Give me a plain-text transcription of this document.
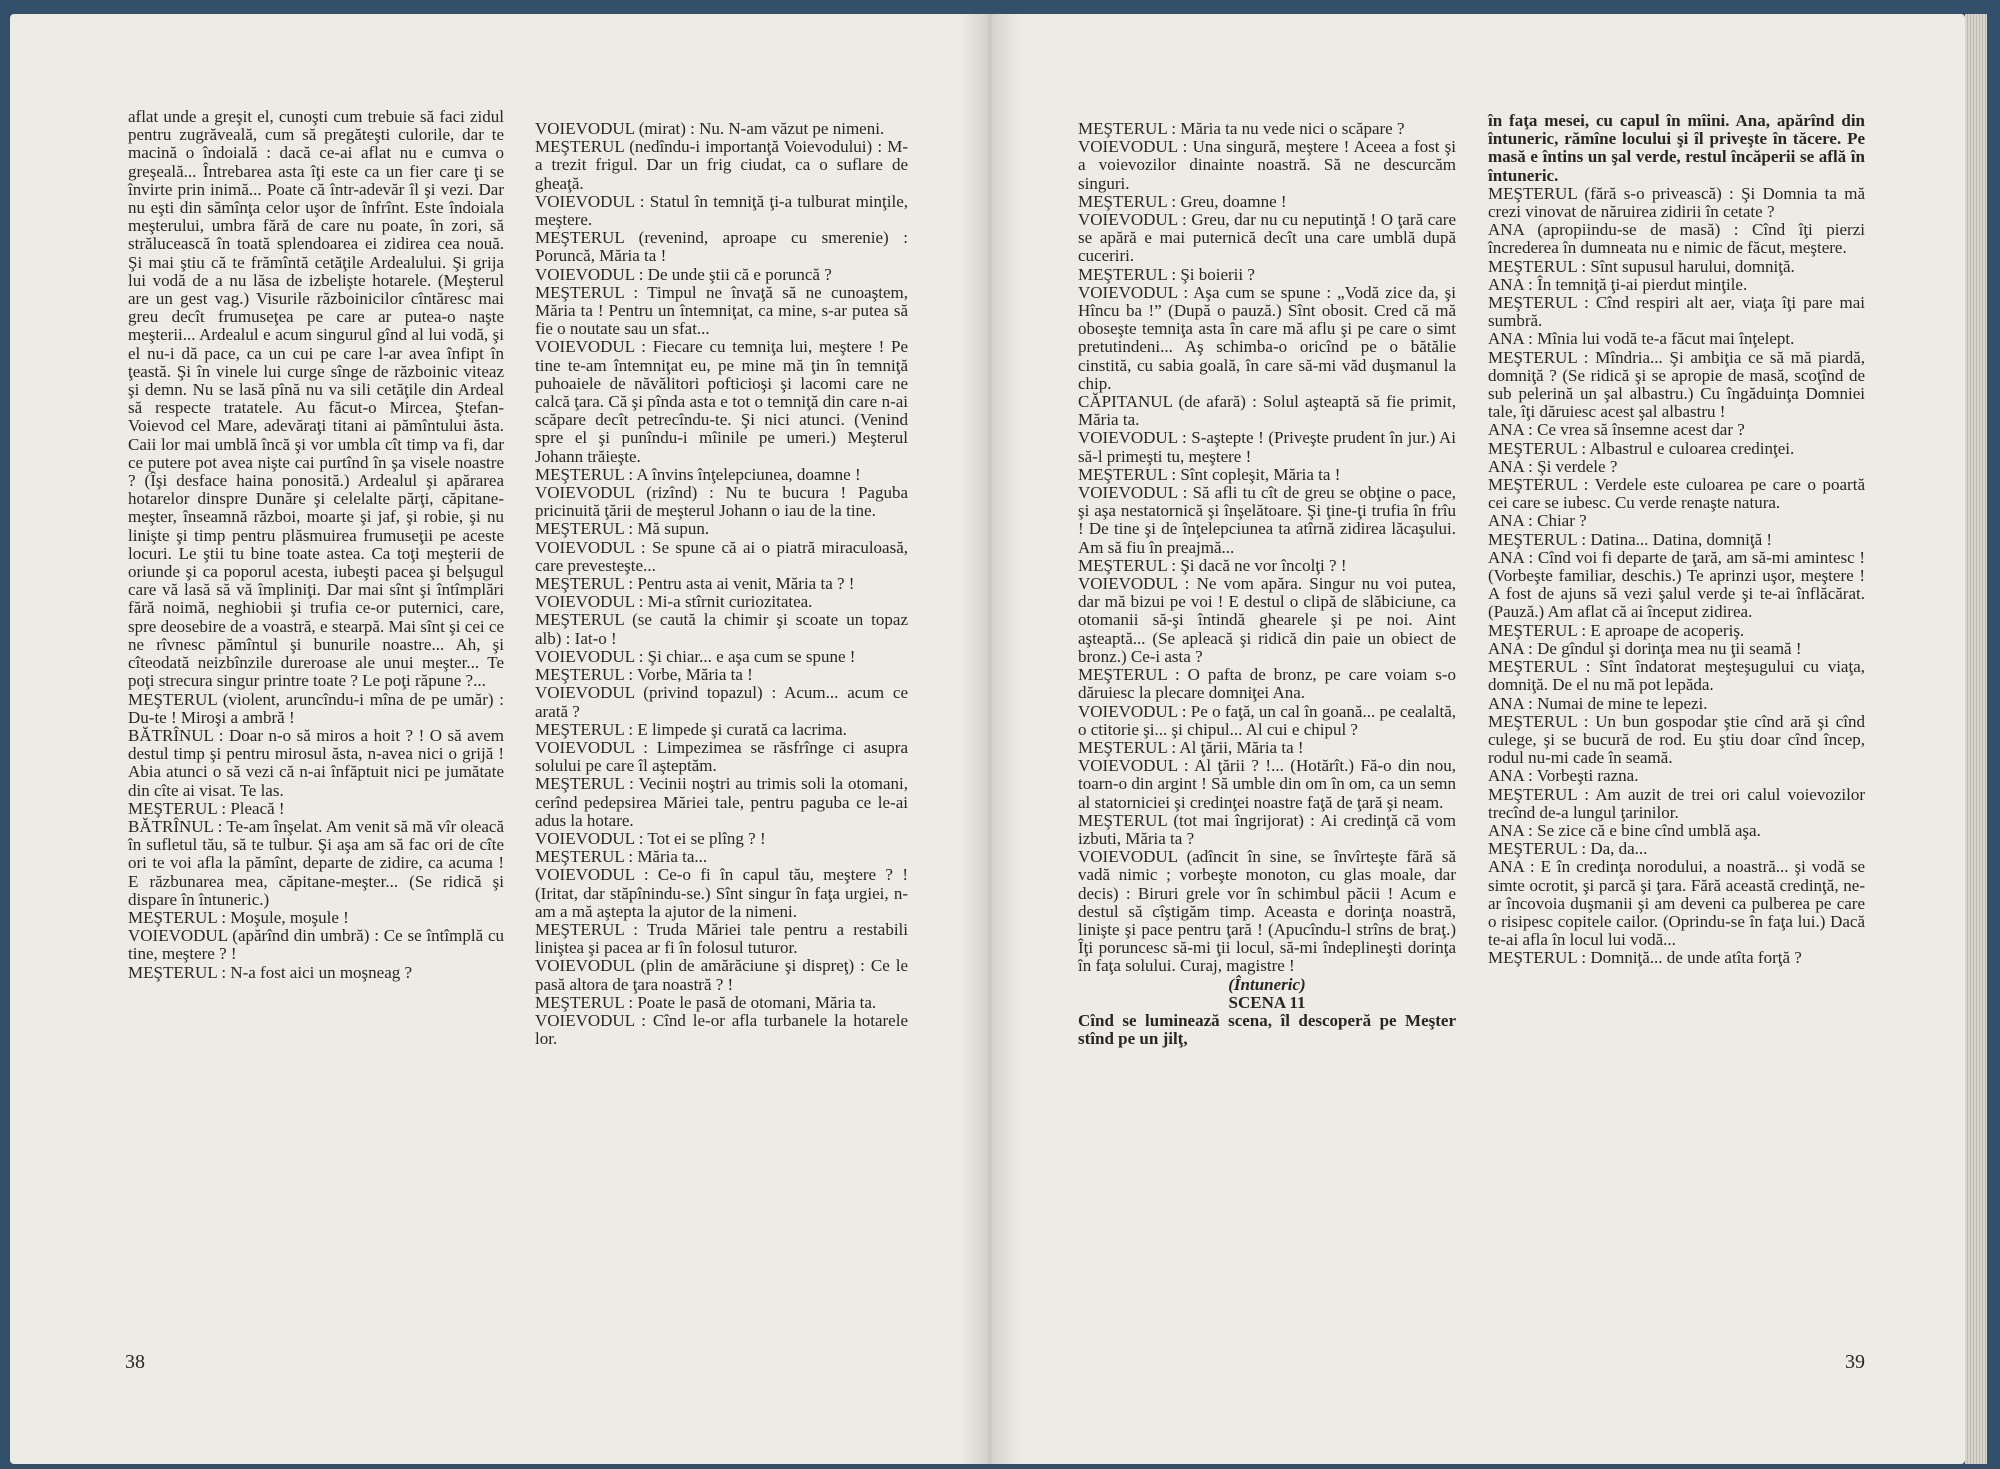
aflat unde a greşit el, cunoşti cum trebuie să faci zidul pentru zugrăveală, cum să pregăteşti culorile, dar te macină o îndoială : dacă ce-ai aflat nu e cumva o greşeală... Întrebarea asta îţi este ca un fier care ţi se învirte prin inimă... Poate că într-adevăr îl şi vezi. Dar nu eşti din sămînţa celor uşor de înfrînt. Este îndoiala meşterului, umbra fără de care nu poate, în zori, să strălucească în toată splendoarea ei zidirea cea nouă. Şi mai ştiu că te frămîntă cetăţile Ardealului. Şi grija lui vodă de a nu lăsa de izbelişte hotarele. (Meşterul are un gest vag.) Visurile războinicilor cîntăresc mai greu decît frumuseţea pe care ar putea-o naşte meşterii... Ardealul e acum singurul gînd al lui vodă, şi el nu-i dă pace, ca un cui pe care l-ar avea înfipt în ţeastă. Şi în vinele lui curge sînge de războinic viteaz şi demn. Nu se lasă pînă nu va sili cetăţile din Ardeal să respecte tratatele. Au făcut-o Mircea, Ştefan-Voievod cel Mare, adevăraţi titani ai pămîntului ăsta. Caii lor mai umblă încă şi vor umbla cît timp va fi, dar ce putere pot avea nişte cai purtînd în şa visele noastre ? (Îşi desface haina ponosită.) Ardealul şi apărarea hotarelor dinspre Dunăre şi celelalte părţi, căpitane-meşter, înseamnă război, moarte şi jaf, şi robie, şi nu linişte şi timp pentru plăsmuirea frumuseţii pe aceste locuri. Le ştii tu bine toate astea. Ca toţi meşterii de oriunde şi ca poporul acesta, iubeşti pacea şi belşugul care vă lasă să vă împliniţi. Dar mai sînt şi întîmplări fără noimă, neghiobii şi trufia ce-or puternici, care, spre deosebire de a voastră, e stearpă. Mai sînt şi cei ce ne rîvnesc pămîntul şi bunurile noastre... Ah, şi cîteodată neizbînzile dureroase ale unui meşter... Te poţi strecura singur printre toate ? Le poţi răpune ?...

MEŞTERUL (violent, aruncîndu-i mîna de pe umăr) : Du-te ! Miroşi a ambră !

BĂTRÎNUL : Doar n-o să miros a hoit ? ! O să avem destul timp şi pentru mirosul ăsta, n-avea nici o grijă ! Abia atunci o să vezi că n-ai înfăptuit nici pe jumătate din cîte ai visat. Te las.

MEŞTERUL : Pleacă !

BĂTRÎNUL : Te-am înşelat. Am venit să mă vîr oleacă în sufletul tău, să te tulbur. Şi aşa am să fac ori de cîte ori te voi afla la pămînt, departe de zidire, ca acuma ! E răzbunarea mea, căpitane-meşter... (Se ridică şi dispare în întuneric.)

MEŞTERUL : Moşule, moşule !

VOIEVODUL (apărînd din umbră) : Ce se întîmplă cu tine, meştere ? !

MEŞTERUL : N-a fost aici un moşneag ?

VOIEVODUL (mirat) : Nu. N-am văzut pe nimeni.

MEŞTERUL (nedîndu-i importanţă Voievodului) : M-a trezit frigul. Dar un frig ciudat, ca o suflare de gheaţă.

VOIEVODUL : Statul în temniţă ţi-a tulburat minţile, meştere.

MEŞTERUL (revenind, aproape cu smerenie) : Poruncă, Măria ta !

VOIEVODUL : De unde ştii că e poruncă ?

MEŞTERUL : Timpul ne învaţă să ne cunoaştem, Măria ta ! Pentru un întemniţat, ca mine, s-ar putea să fie o noutate sau un sfat...

VOIEVODUL : Fiecare cu temniţa lui, meştere ! Pe tine te-am întemniţat eu, pe mine mă ţin în temniţă puhoaiele de năvălitori pofticioşi şi lacomi care ne calcă ţara. Că şi pînda asta e tot o temniţă din care n-ai scăpare decît petrecîndu-te. Şi nici atunci. (Venind spre el şi punîndu-i mîinile pe umeri.) Meşterul Johann trăieşte.

MEŞTERUL : A învins înţelepciunea, doamne !

VOIEVODUL (rizînd) : Nu te bucura ! Paguba pricinuită ţării de meşterul Johann o iau de la tine.

MEŞTERUL : Mă supun.

VOIEVODUL : Se spune că ai o piatră miraculoasă, care prevesteşte...

MEŞTERUL : Pentru asta ai venit, Măria ta ? !

VOIEVODUL : Mi-a stîrnit curiozitatea.

MEŞTERUL (se caută la chimir şi scoate un topaz alb) : Iat-o !

VOIEVODUL : Şi chiar... e aşa cum se spune !

MEŞTERUL : Vorbe, Măria ta !

VOIEVODUL (privind topazul) : Acum... acum ce arată ?

MEŞTERUL : E limpede şi curată ca lacrima.

VOIEVODUL : Limpezimea se răsfrînge ci asupra solului pe care îl aşteptăm.

MEŞTERUL : Vecinii noştri au trimis soli la otomani, cerînd pedepsirea Măriei tale, pentru paguba ce le-ai adus la hotare.

VOIEVODUL : Tot ei se plîng ? !

MEŞTERUL : Măria ta...

VOIEVODUL : Ce-o fi în capul tău, meştere ? ! (Iritat, dar stăpînindu-se.) Sînt singur în faţa urgiei, n-am a mă aştepta la ajutor de la nimeni.

MEŞTERUL : Truda Măriei tale pentru a restabili liniştea şi pacea ar fi în folosul tuturor.

VOIEVODUL (plin de amărăciune şi dispreţ) : Ce le pasă altora de ţara noastră ? !

MEŞTERUL : Poate le pasă de otomani, Măria ta.

VOIEVODUL : Cînd le-or afla turbanele la hotarele lor.

38

MEŞTERUL : Măria ta nu vede nici o scăpare ?

VOIEVODUL : Una singură, meştere ! Aceea a fost şi a voievozilor dinainte noastră. Să ne descurcăm singuri.

MEŞTERUL : Greu, doamne !

VOIEVODUL : Greu, dar nu cu neputinţă ! O ţară care se apără e mai puternică decît una care umblă după cuceriri.

MEŞTERUL : Şi boierii ?

VOIEVODUL : Aşa cum se spune : „Vodă zice da, şi Hîncu ba !” (După o pauză.) Sînt obosit. Cred că mă oboseşte temniţa asta în care mă aflu şi pe care o simt pretutindeni... Aş schimba-o oricînd pe o bătălie cinstită, cu sabia goală, în care să-mi văd duşmanul la chip.

CĂPITANUL (de afară) : Solul aşteaptă să fie primit, Măria ta.

VOIEVODUL : S-aştepte ! (Priveşte prudent în jur.) Ai să-l primeşti tu, meştere !

MEŞTERUL : Sînt copleşit, Măria ta !

VOIEVODUL : Să afli tu cît de greu se obţine o pace, şi aşa nestatornică şi înşelătoare. Şi ţine-ţi trufia în frîu ! De tine şi de înţelepciunea ta atîrnă zidirea lăcaşului. Am să fiu în preajmă...

MEŞTERUL : Şi dacă ne vor încolţi ? !

VOIEVODUL : Ne vom apăra. Singur nu voi putea, dar mă bizui pe voi ! E destul o clipă de slăbiciune, ca otomanii să-şi întindă ghearele şi pe noi. Aint aşteaptă... (Se apleacă şi ridică din paie un obiect de bronz.) Ce-i asta ?

MEŞTERUL : O pafta de bronz, pe care voiam s-o dăruiesc la plecare domniţei Ana.

VOIEVODUL : Pe o faţă, un cal în goană... pe cealaltă, o ctitorie şi... şi chipul... Al cui e chipul ?

MEŞTERUL : Al ţării, Măria ta !

VOIEVODUL : Al ţării ? !... (Hotărît.) Fă-o din nou, toarn-o din argint ! Să umble din om în om, ca un semn al statorniciei şi credinţei noastre faţă de ţară şi neam.

MEŞTERUL (tot mai îngrijorat) : Ai credinţă că vom izbuti, Măria ta ?

VOIEVODUL (adîncit în sine, se învîrteşte fără să vadă nimic ; vorbeşte monoton, cu glas moale, dar decis) : Biruri grele vor în schimbul păcii ! Acum e destul să cîştigăm timp. Aceasta e dorinţa noastră, linişte şi pace pentru ţară ! (Apucîndu-l strîns de braţ.) Îţi poruncesc să-mi ţii locul, să-mi îndeplineşti dorinţa în faţa solului. Curaj, magistre !

(Întuneric)

SCENA 11

Cînd se luminează scena, îl descoperă pe Meşter stînd pe un jilţ,

în faţa mesei, cu capul în mîini. Ana, apărînd din întuneric, rămîne locului şi îl priveşte în tăcere. Pe masă e întins un şal verde, restul încăperii se află în întuneric.

MEŞTERUL (fără s-o privească) : Şi Domnia ta mă crezi vinovat de năruirea zidirii în cetate ?

ANA (apropiindu-se de masă) : Cînd îţi pierzi încrederea în dumneata nu e nimic de făcut, meştere.

MEŞTERUL : Sînt supusul harului, domniţă.

ANA : În temniţă ţi-ai pierdut minţile.

MEŞTERUL : Cînd respiri alt aer, viaţa îţi pare mai sumbră.

ANA : Mînia lui vodă te-a făcut mai înţelept.

MEŞTERUL : Mîndria... Şi ambiţia ce să mă piardă, domniţă ? (Se ridică şi se apropie de masă, scoţînd de sub pelerină un şal albastru.) Cu îngăduinţa Domniei tale, îţi dăruiesc acest şal albastru !

ANA : Ce vrea să însemne acest dar ?

MEŞTERUL : Albastrul e culoarea credinţei.

ANA : Şi verdele ?

MEŞTERUL : Verdele este culoarea pe care o poartă cei care se iubesc. Cu verde renaşte natura.

ANA : Chiar ?

MEŞTERUL : Datina... Datina, domniţă !

ANA : Cînd voi fi departe de ţară, am să-mi amintesc ! (Vorbeşte familiar, deschis.) Te aprinzi uşor, meştere ! A fost de ajuns să vezi şalul verde şi te-ai înflăcărat. (Pauză.) Am aflat că ai început zidirea.

MEŞTERUL : E aproape de acoperiş.

ANA : De gîndul şi dorinţa mea nu ţii seamă !

MEŞTERUL : Sînt îndatorat meşteşugului cu viaţa, domniţă. De el nu mă pot lepăda.

ANA : Numai de mine te lepezi.

MEŞTERUL : Un bun gospodar ştie cînd ară şi cînd culege, şi se bucură de rod. Eu ştiu doar cînd încep, rodul nu-mi cade în seamă.

ANA : Vorbeşti razna.

MEŞTERUL : Am auzit de trei ori calul voievozilor trecînd de-a lungul ţarinilor.

ANA : Se zice că e bine cînd umblă aşa.

MEŞTERUL : Da, da...

ANA : E în credinţa norodului, a noastră... şi vodă se simte ocrotit, şi parcă şi ţara. Fără această credinţă, ne-ar încovoia duşmanii şi am deveni ca pulberea pe care o risipesc copitele cailor. (Oprindu-se în faţa lui.) Dacă te-ai afla în locul lui vodă...

MEŞTERUL : Domniţă... de unde atîta forţă ?

39
